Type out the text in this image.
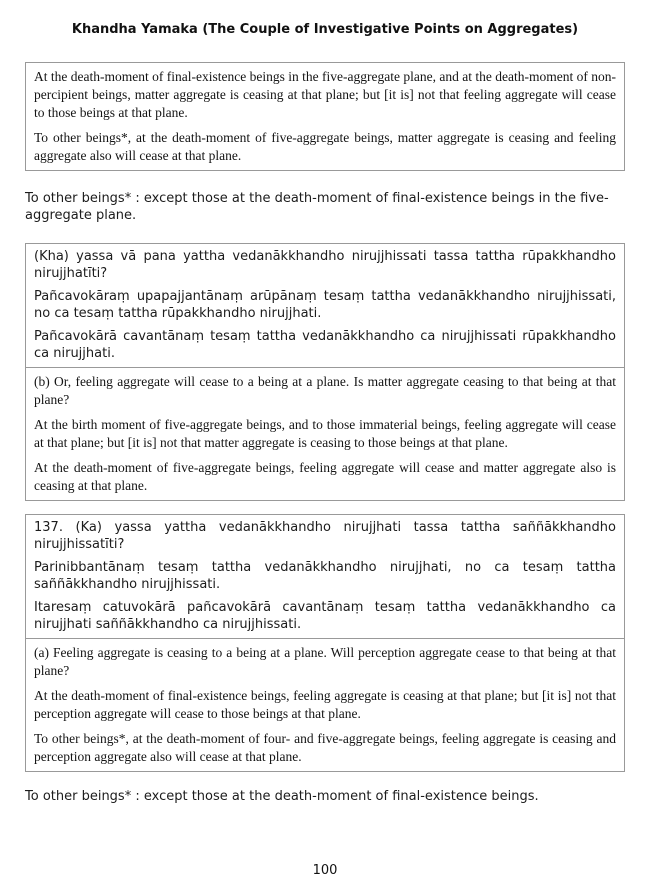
Khandha Yamaka (The Couple of Investigative Points on Aggregates)

At the death-moment of final-existence beings in the five-aggregate plane, and at the death-moment of non-percipient beings, matter aggregate is ceasing at that plane; but [it is] not that feeling aggregate will cease to those beings at that plane.

To other beings*, at the death-moment of five-aggregate beings, matter aggregate is ceasing and feeling aggregate also will cease at that plane.

To other beings* : except those at the death-moment of final-existence beings in the five-aggregate plane.

(Kha) yassa vā pana yattha vedanākkhandho nirujjhissati tassa tattha rūpakkhandho nirujjhatīti?

Pañcavokāraṃ upapajjantānaṃ arūpānaṃ tesaṃ tattha vedanākkhandho nirujjhissati, no ca tesaṃ tattha rūpakkhandho nirujjhati.

Pañcavokārā cavantānaṃ tesaṃ tattha vedanākkhandho ca nirujjhissati rūpakkhandho ca nirujjhati.

(b) Or, feeling aggregate will cease to a being at a plane. Is matter aggregate ceasing to that being at that plane?

At the birth moment of five-aggregate beings, and to those immaterial beings, feeling aggregate will cease at that plane; but [it is] not that matter aggregate is ceasing to those beings at that plane.

At the death-moment of five-aggregate beings, feeling aggregate will cease and matter aggregate also is ceasing at that plane.

137. (Ka) yassa yattha vedanākkhandho nirujjhati tassa tattha saññākkhandho nirujjhissatīti?

Parinibbantānaṃ tesaṃ tattha vedanākkhandho nirujjhati, no ca tesaṃ tattha saññākkhandho nirujjhissati.

Itaresaṃ catuvokārā pañcavokārā cavantānaṃ tesaṃ tattha vedanākkhandho ca nirujjhati saññākkhandho ca nirujjhissati.

(a) Feeling aggregate is ceasing to a being at a plane. Will perception aggregate cease to that being at that plane?

At the death-moment of final-existence beings, feeling aggregate is ceasing at that plane; but [it is] not that perception aggregate will cease to those beings at that plane.

To other beings*, at the death-moment of four- and five-aggregate beings, feeling aggregate is ceasing and perception aggregate also will cease at that plane.

To other beings* : except those at the death-moment of final-existence beings.

100
